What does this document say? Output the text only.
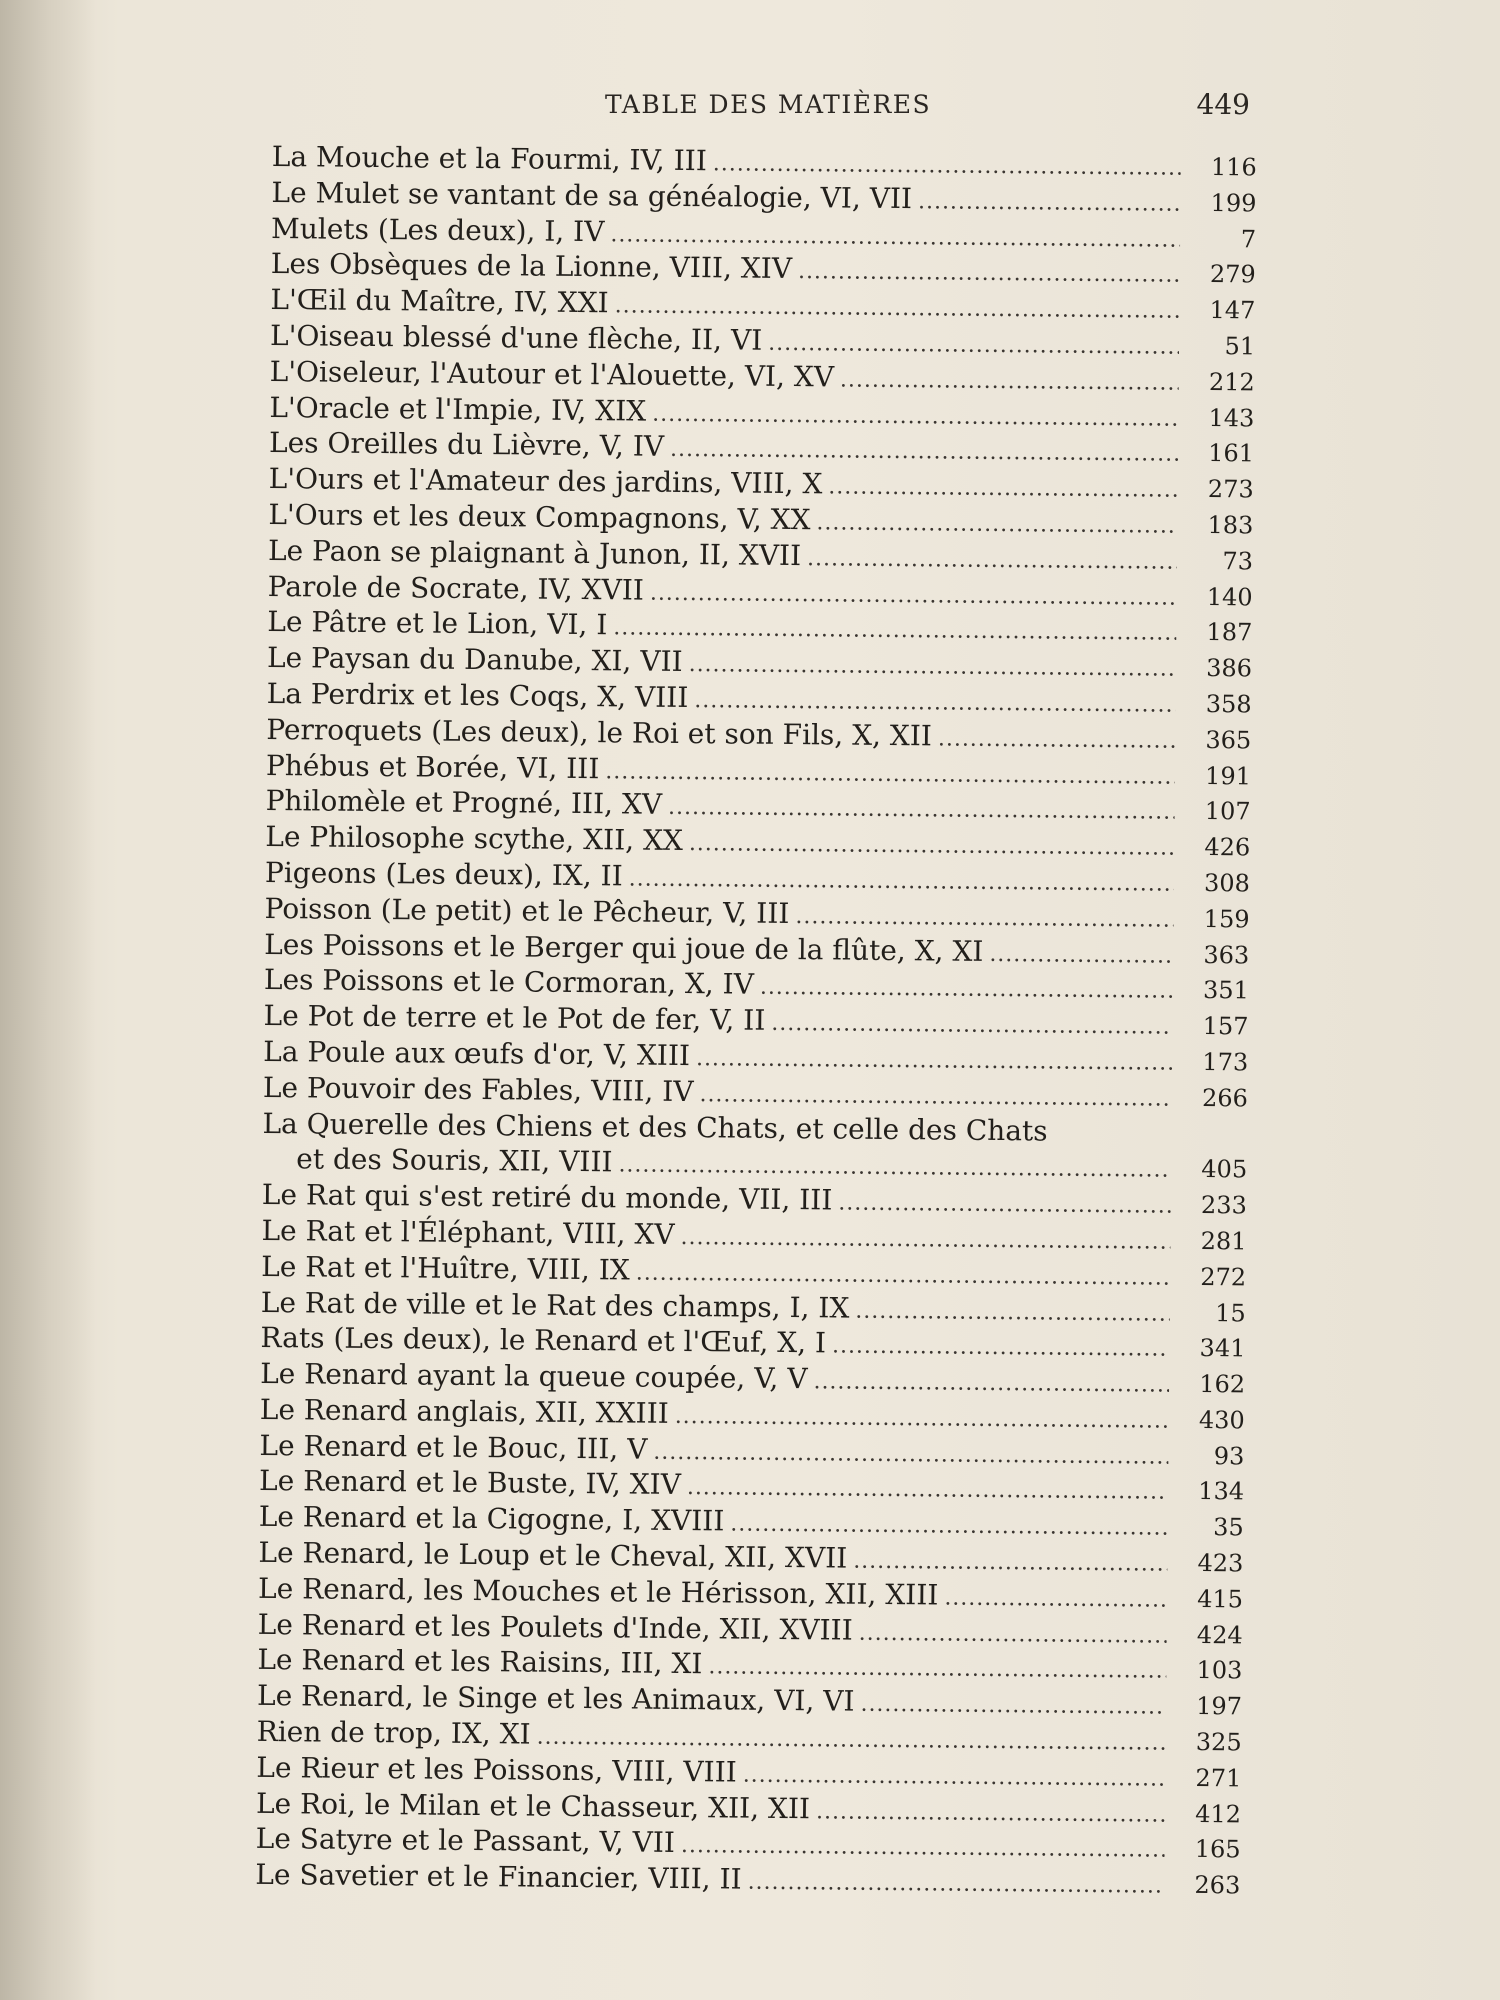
TABLE DES MATIÈRES	449
La Mouche et la Fourmi, IV, III . . .	116
Le Mulet se vantant de sa généalogie, VI, VII . . .	199
Mulets (Les deux), I, IV . . .	7
Les Obsèques de la Lionne, VIII, XIV . . .	279
L'Œil du Maître, IV, XXI . . .	147
L'Oiseau blessé d'une flèche, II, VI . . .	51
L'Oiseleur, l'Autour et l'Alouette, VI, XV . . .	212
L'Oracle et l'Impie, IV, XIX . . .	143
Les Oreilles du Lièvre, V, IV . . .	161
L'Ours et l'Amateur des jardins, VIII, X . . .	273
L'Ours et les deux Compagnons, V, XX . . .	183
Le Paon se plaignant à Junon, II, XVII . . .	73
Parole de Socrate, IV, XVII . . .	140
Le Pâtre et le Lion, VI, I . . .	187
Le Paysan du Danube, XI, VII . . .	386
La Perdrix et les Coqs, X, VIII . . .	358
Perroquets (Les deux), le Roi et son Fils, X, XII . . .	365
Phébus et Borée, VI, III . . .	191
Philomèle et Progné, III, XV . . .	107
Le Philosophe scythe, XII, XX . . .	426
Pigeons (Les deux), IX, II . . .	308
Poisson (Le petit) et le Pêcheur, V, III . . .	159
Les Poissons et le Berger qui joue de la flûte, X, XI . . .	363
Les Poissons et le Cormoran, X, IV . . .	351
Le Pot de terre et le Pot de fer, V, II . . .	157
La Poule aux œufs d'or, V, XIII . . .	173
Le Pouvoir des Fables, VIII, IV . . .	266
La Querelle des Chiens et des Chats, et celle des Chats
et des Souris, XII, VIII . . .	405
Le Rat qui s'est retiré du monde, VII, III . . .	233
Le Rat et l'Éléphant, VIII, XV . . .	281
Le Rat et l'Huître, VIII, IX . . .	272
Le Rat de ville et le Rat des champs, I, IX . . .	15
Rats (Les deux), le Renard et l'Œuf, X, I . . .	341
Le Renard ayant la queue coupée, V, V . . .	162
Le Renard anglais, XII, XXIII . . .	430
Le Renard et le Bouc, III, V . . .	93
Le Renard et le Buste, IV, XIV . . .	134
Le Renard et la Cigogne, I, XVIII . . .	35
Le Renard, le Loup et le Cheval, XII, XVII . . .	423
Le Renard, les Mouches et le Hérisson, XII, XIII . . .	415
Le Renard et les Poulets d'Inde, XII, XVIII . . .	424
Le Renard et les Raisins, III, XI . . .	103
Le Renard, le Singe et les Animaux, VI, VI . . .	197
Rien de trop, IX, XI . . .	325
Le Rieur et les Poissons, VIII, VIII . . .	271
Le Roi, le Milan et le Chasseur, XII, XII . . .	412
Le Satyre et le Passant, V, VII . . .	165
Le Savetier et le Financier, VIII, II . . .	263
